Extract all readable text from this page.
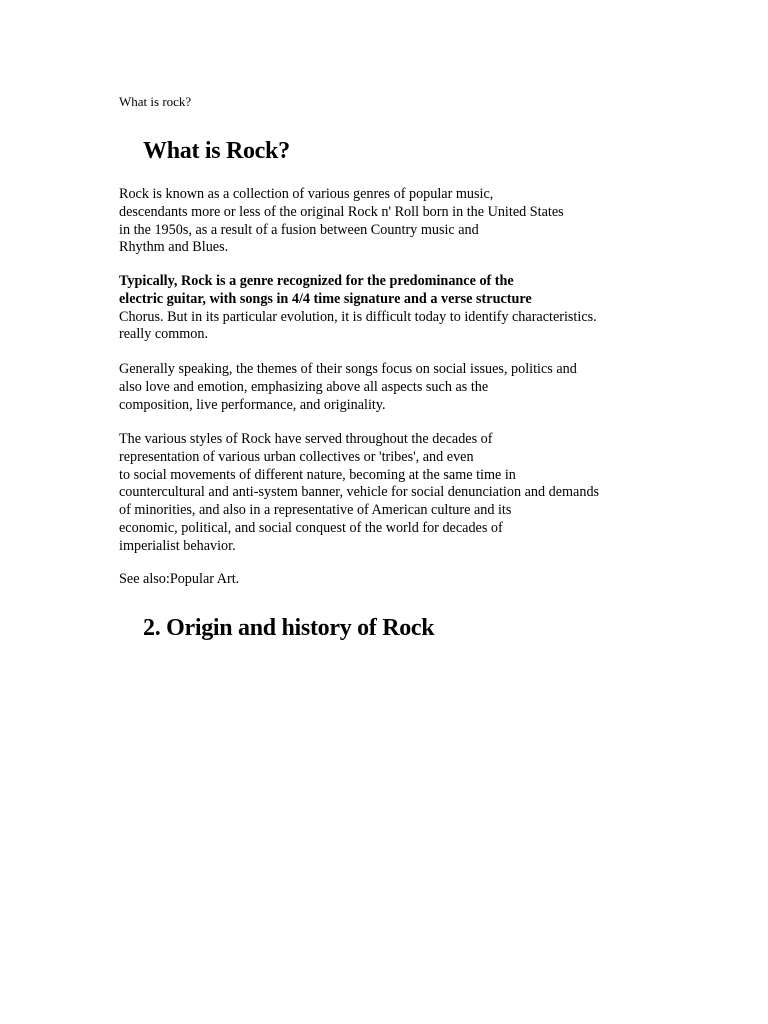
What is rock?
What is Rock?
Rock is known as a collection of various genres of popular music,
descendants more or less of the original Rock n' Roll born in the United States
in the 1950s, as a result of a fusion between Country music and
Rhythm and Blues.
Typically, Rock is a genre recognized for the predominance of the
electric guitar, with songs in 4/4 time signature and a verse structure
Chorus. But in its particular evolution, it is difficult today to identify characteristics.
really common.
Generally speaking, the themes of their songs focus on social issues, politics and
also love and emotion, emphasizing above all aspects such as the
composition, live performance, and originality.
The various styles of Rock have served throughout the decades of
representation of various urban collectives or 'tribes', and even
to social movements of different nature, becoming at the same time in
countercultural and anti-system banner, vehicle for social denunciation and demands
of minorities, and also in a representative of American culture and its
economic, political, and social conquest of the world for decades of
imperialist behavior.
See also:Popular Art.
2. Origin and history of Rock
